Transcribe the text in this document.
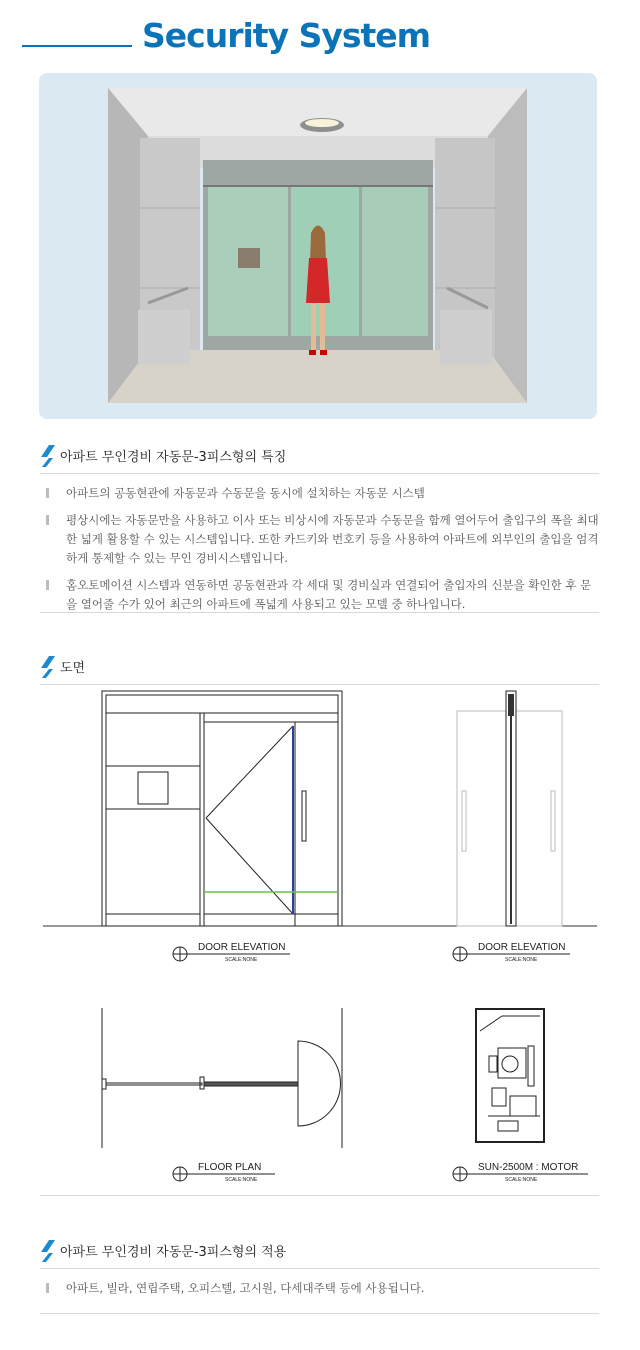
Security System
아파트 무인경비 자동문-3피스형의 특징
아파트의 공동현관에 자동문과 수동문을 동시에 설치하는 자동문 시스템
평상시에는 자동문만을 사용하고 이사 또는 비상시에 자동문과 수동문을 함께 열어두어 출입구의 폭을 최대한 넓게 활용할 수 있는 시스템입니다. 또한 카드키와 번호키 등을 사용하여 아파트에 외부인의 출입을 엄격하게 통제할 수 있는 무인 경비시스템입니다.
홈오토메이션 시스템과 연동하면 공동현관과 각 세대 및 경비실과 연결되어 출입자의 신분을 확인한 후 문을 열어줄 수가 있어 최근의 아파트에 폭넓게 사용되고 있는 모델 중 하나입니다.
도면
DOOR ELEVATION
SCALE:NONE
DOOR ELEVATION
SCALE:NONE
FLOOR PLAN
SCALE:NONE
SUN-2500M : MOTOR
SCALE:NONE
아파트 무인경비 자동문-3피스형의 적용
아파트, 빌라, 연립주택, 오피스텔, 고시원, 다세대주택 등에 사용됩니다.
